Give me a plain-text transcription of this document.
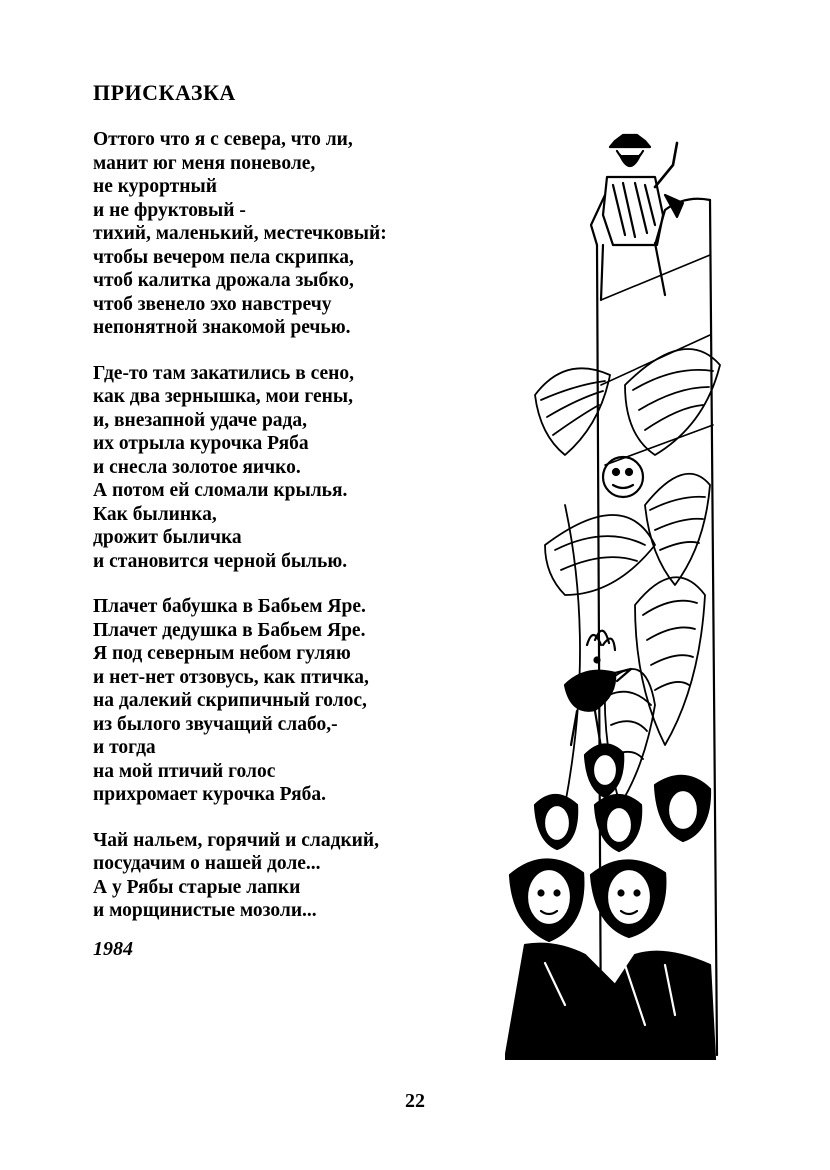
ПРИСКАЗКА
Оттого что я с севера, что ли,
манит юг меня поневоле,
не курортный
и не фруктовый -
тихий, маленький, местечковый:
чтобы вечером пела скрипка,
чтоб калитка дрожала зыбко,
чтоб звенело эхо навстречу
непонятной знакомой речью.
Где-то там закатились в сено,
как два зернышка, мои гены,
и, внезапной удаче рада,
их отрыла курочка Ряба
и снесла золотое яичко.
А потом ей сломали крылья.
Как былинка,
дрожит быличка
и становится черной былью.
Плачет бабушка в Бабьем Яре.
Плачет дедушка в Бабьем Яре.
Я под северным небом гуляю
и нет-нет отзовусь, как птичка,
на далекий скрипичный голос,
из былого звучащий слабо,-
и тогда
на мой птичий голос
прихромает курочка Ряба.
Чай нальем, горячий и сладкий,
посудачим о нашей доле...
А у Рябы старые лапки
и морщинистые мозоли...
1984
22
